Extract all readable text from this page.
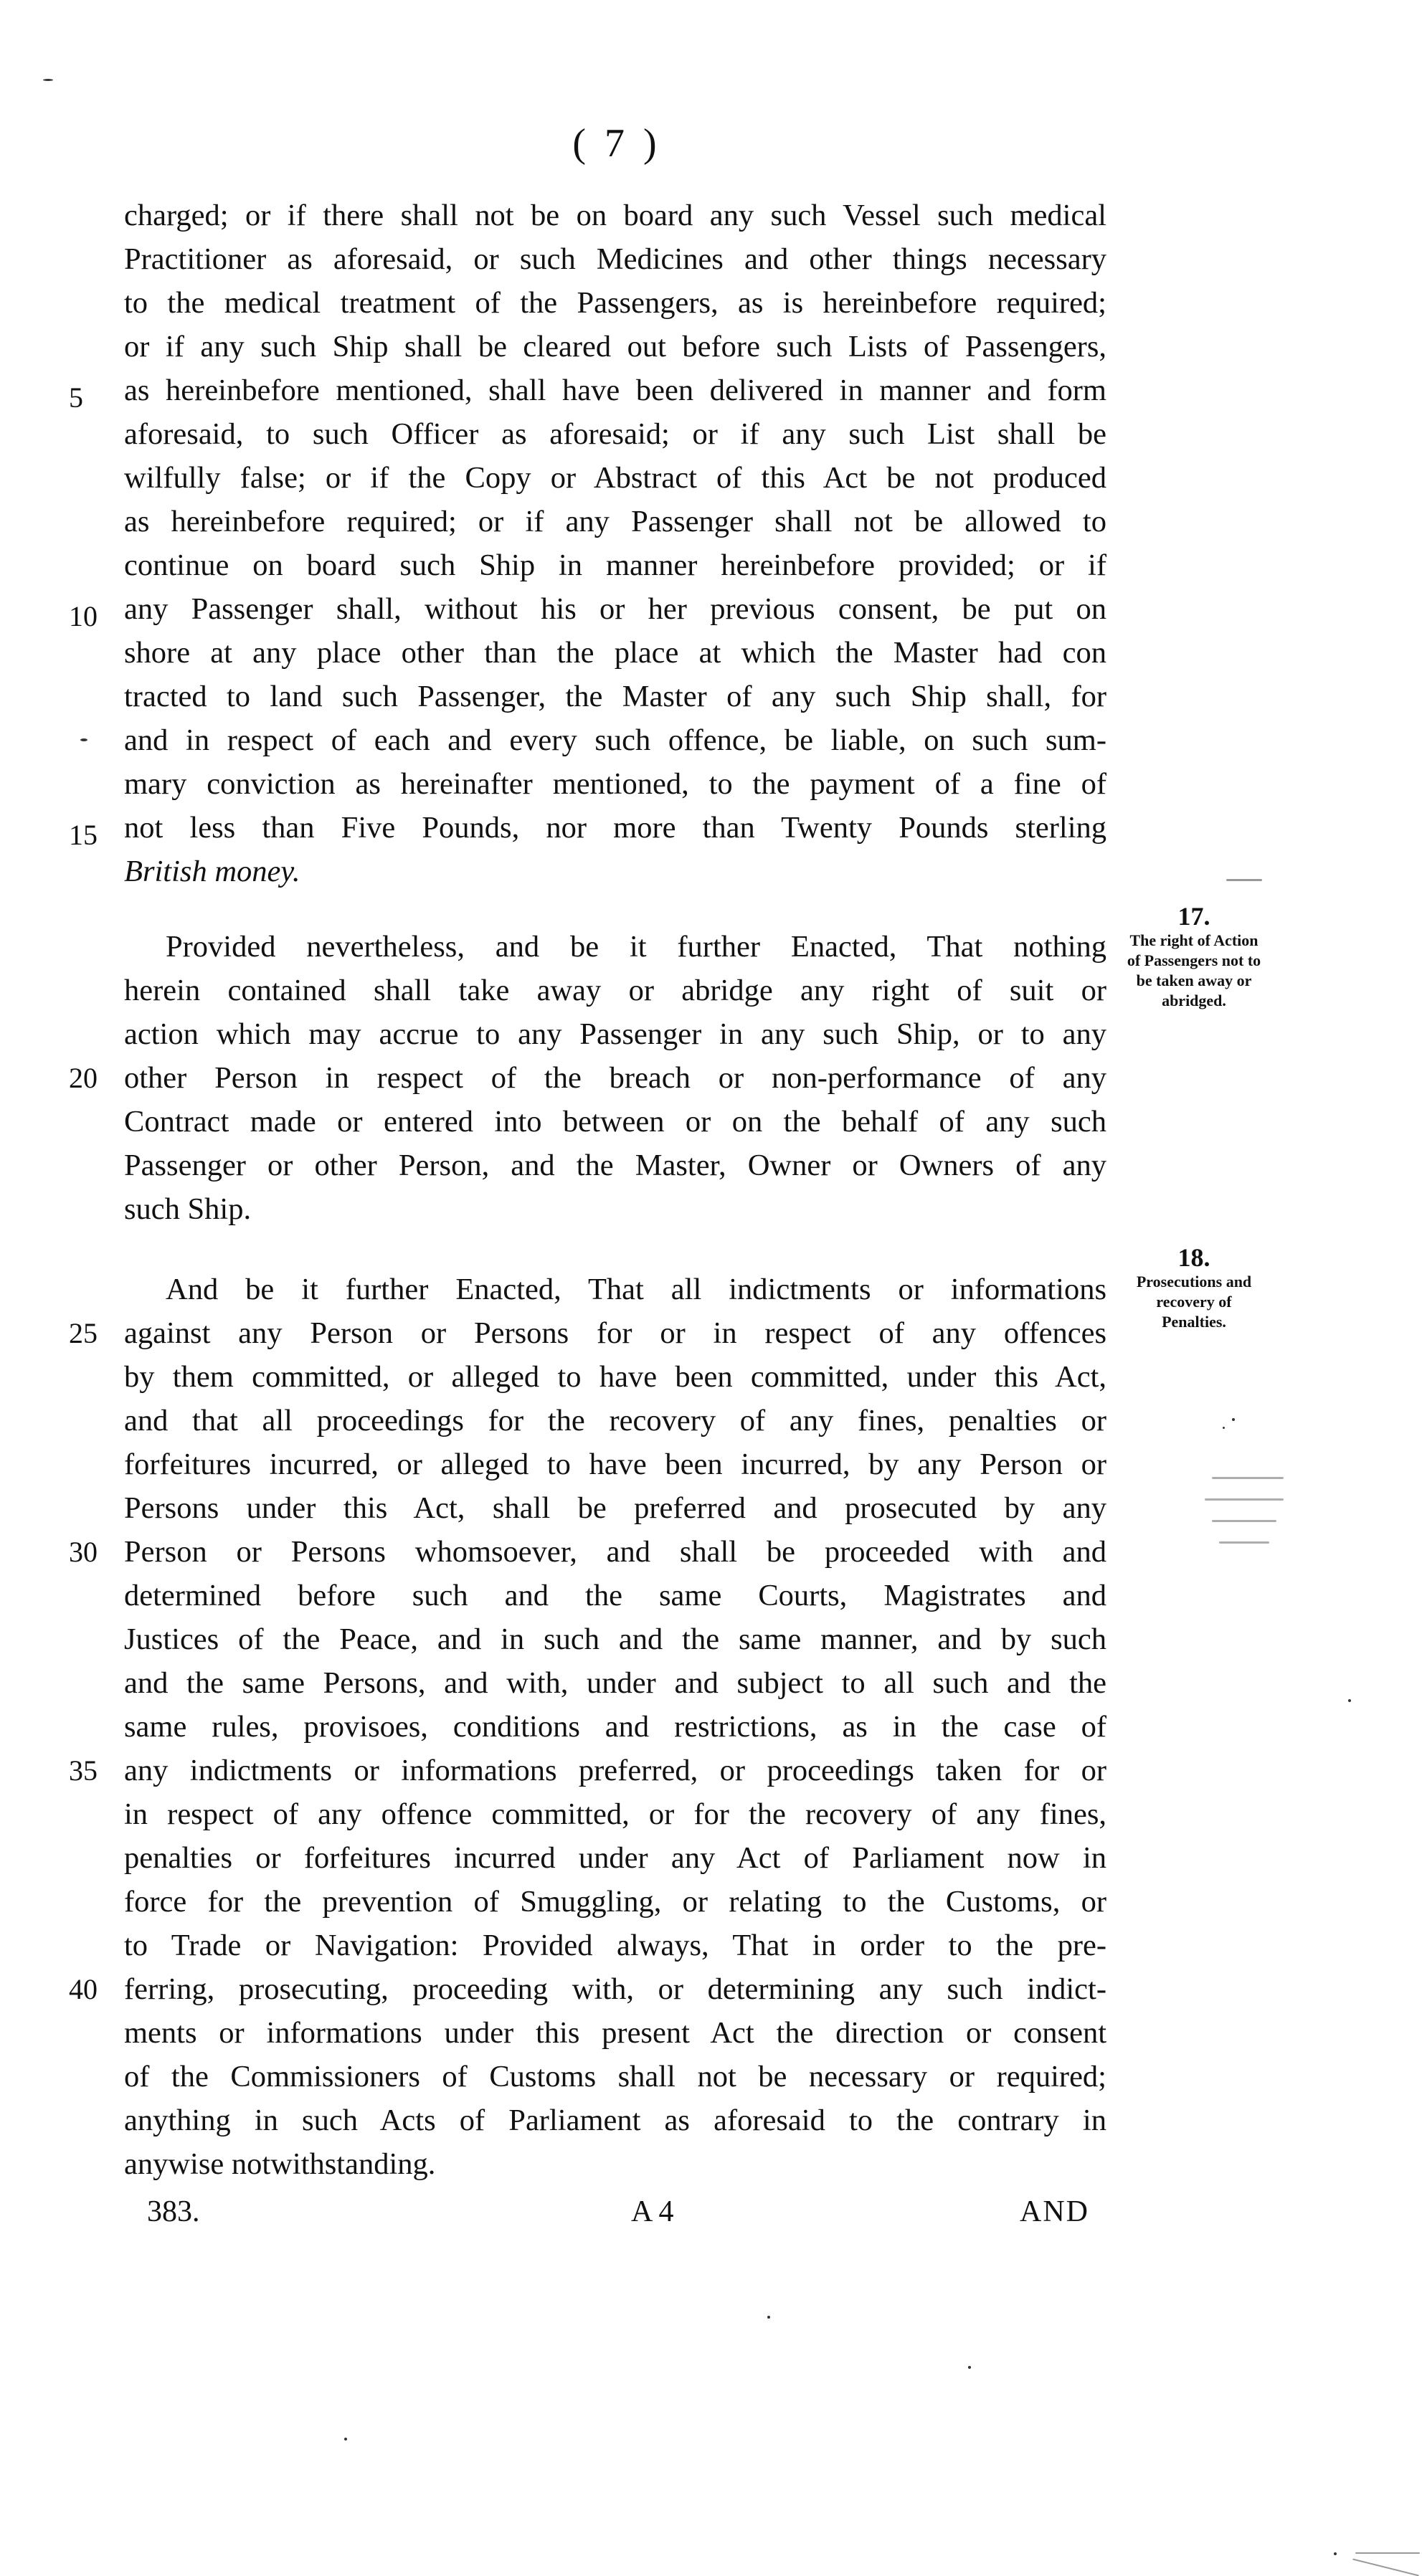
( 7 )
charged; or if there shall not be on board any such Vessel such medical
Practitioner as aforesaid, or such Medicines and other things necessary
to the medical treatment of the Passengers, as is hereinbefore required;
or if any such Ship shall be cleared out before such Lists of Passengers,
as hereinbefore mentioned, shall have been delivered in manner and form
aforesaid, to such Officer as aforesaid; or if any such List shall be
wilfully false; or if the Copy or Abstract of this Act be not produced
as hereinbefore required; or if any Passenger shall not be allowed to
continue on board such Ship in manner hereinbefore provided; or if
any Passenger shall, without his or her previous consent, be put on
shore at any place other than the place at which the Master had con
tracted to land such Passenger, the Master of any such Ship shall, for
and in respect of each and every such offence, be liable, on such sum-
mary conviction as hereinafter mentioned, to the payment of a fine of
not less than Five Pounds, nor more than Twenty Pounds sterling
British money.
Provided nevertheless, and be it further Enacted, That nothing
herein contained shall take away or abridge any right of suit or
action which may accrue to any Passenger in any such Ship, or to any
other Person in respect of the breach or non-performance of any
Contract made or entered into between or on the behalf of any such
Passenger or other Person, and the Master, Owner or Owners of any
such Ship.
And be it further Enacted, That all indictments or informations
against any Person or Persons for or in respect of any offences
by them committed, or alleged to have been committed, under this Act,
and that all proceedings for the recovery of any fines, penalties or
forfeitures incurred, or alleged to have been incurred, by any Person or
Persons under this Act, shall be preferred and prosecuted by any
Person or Persons whomsoever, and shall be proceeded with and
determined before such and the same Courts, Magistrates and
Justices of the Peace, and in such and the same manner, and by such
and the same Persons, and with, under and subject to all such and the
same rules, provisoes, conditions and restrictions, as in the case of
any indictments or informations preferred, or proceedings taken for or
in respect of any offence committed, or for the recovery of any fines,
penalties or forfeitures incurred under any Act of Parliament now in
force for the prevention of Smuggling, or relating to the Customs, or
to Trade or Navigation: Provided always, That in order to the pre-
ferring, prosecuting, proceeding with, or determining any such indict-
ments or informations under this present Act the direction or consent
of the Commissioners of Customs shall not be necessary or required;
anything in such Acts of Parliament as aforesaid to the contrary in
anywise notwithstanding.
5
10
15
20
25
30
35
40
17.
The right of Action of Passengers not to be taken away or abridged.
18.
Prosecutions and recovery of Penalties.
383.	A 4	AND
